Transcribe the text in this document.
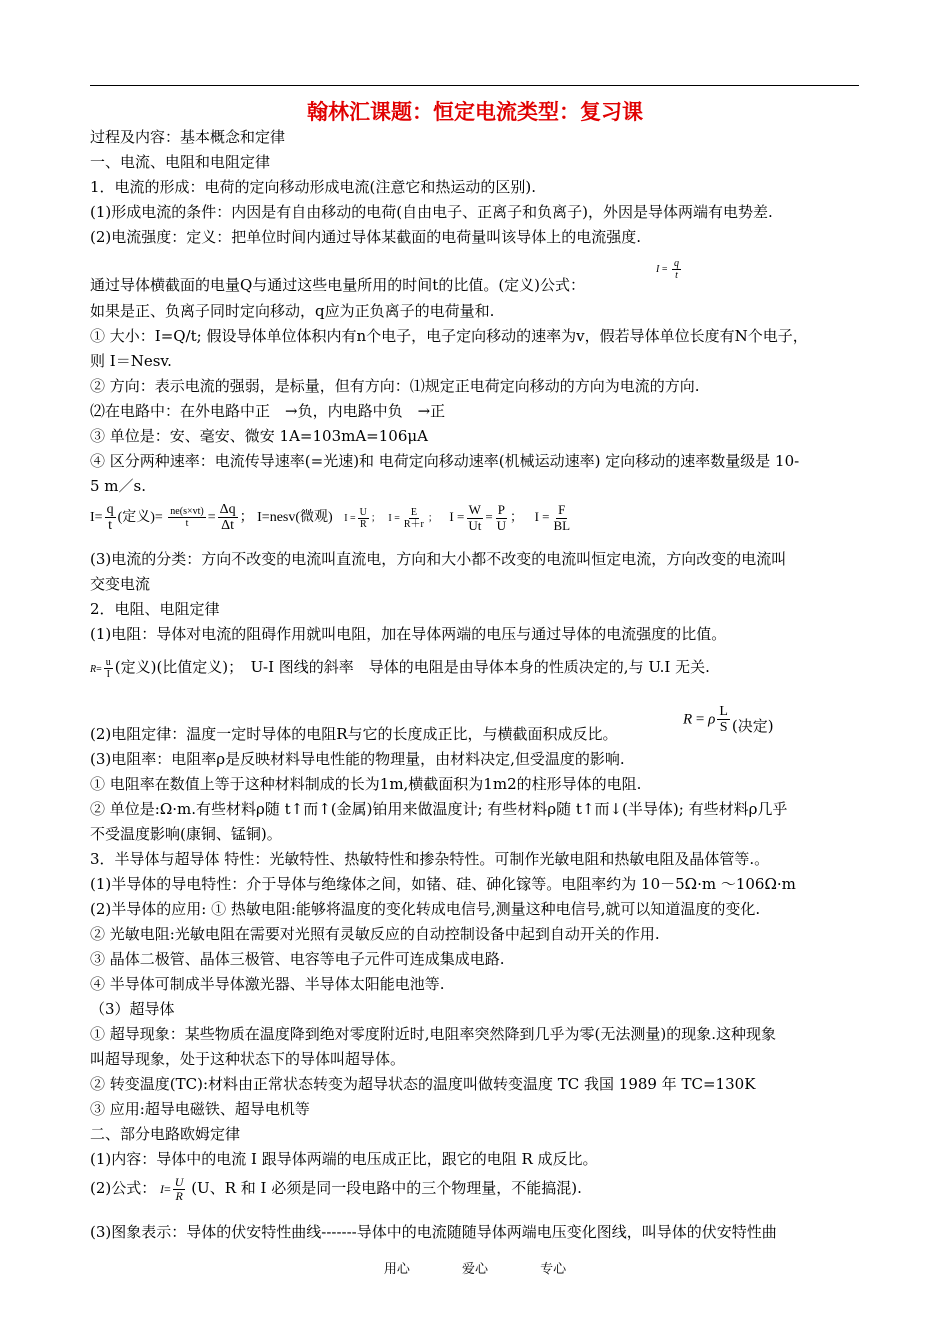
翰林汇课题：恒定电流类型：复习课
过程及内容：基本概念和定律
一、电流、电阻和电阻定律
1．电流的形成：电荷的定向移动形成电流(注意它和热运动的区别).
(1)形成电流的条件：内因是有自由移动的电荷(自由电子、正离子和负离子)，外因是导体两端有电势差.
(2)电流强度：定义：把单位时间内通过导体某截面的电荷量叫该导体上的电流强度.
通过导体横截面的电量Q与通过这些电量所用的时间t的比值。(定义)公式：
$I = \frac{q}{t}$
如果是正、负离子同时定向移动，q应为正负离子的电荷量和.
① 大小：I=Q/t; 假设导体单位体积内有n个电子，电子定向移动的速率为v，假若导体单位长度有N个电子，
则 I＝Nesv.
② 方向：表示电流的强弱，是标量，但有方向：⑴规定正电荷定向移动的方向为电流的方向.
⑵在电路中：在外电路中正　→负，内电路中负　→正
③ 单位是：安、毫安、微安 1A=103mA=106μA
④ 区分两种速率：电流传导速率(=光速)和 电荷定向移动速率(机械运动速率) 定向移动的速率数量级是 10-
5 m／s.
$I= \frac{q}{t}$ (定义)= $\frac{ne(s\times vt)}{t} = \frac{\Delta q}{\Delta t}$ ； I=nesv(微观) $I = \frac{U}{R}$ ； $I = \frac{E}{R+r}$ ； $I = \frac{W}{Ut} = \frac{P}{U}$ ； $I = \frac{F}{BL}$
(3)电流的分类：方向不改变的电流叫直流电，方向和大小都不改变的电流叫恒定电流，方向改变的电流叫
交变电流
2．电阻、电阻定律
(1)电阻：导体对电流的阻碍作用就叫电阻，加在导体两端的电压与通过导体的电流强度的比值。
$R= \frac{u}{I}$ (定义)(比值定义)；　U-I 图线的斜率　导体的电阻是由导体本身的性质决定的,与 U.I 无关.
(2)电阻定律：温度一定时导体的电阻R与它的长度成正比，与横截面积成反比。
R = ρ $\frac{L}{S}$ (决定)
(3)电阻率：电阻率ρ是反映材料导电性能的物理量，由材料决定,但受温度的影响.
① 电阻率在数值上等于这种材料制成的长为1m,横截面积为1m2的柱形导体的电阻.
② 单位是:Ω·m.有些材料ρ随 t↑而↑(金属)铂用来做温度计; 有些材料ρ随 t↑而↓(半导体); 有些材料ρ几乎
不受温度影响(康铜、锰铜)。
3．半导体与超导体 特性：光敏特性、热敏特性和掺杂特性。可制作光敏电阻和热敏电阻及晶体管等.。
(1)半导体的导电特性：介于导体与绝缘体之间，如锗、硅、砷化镓等。电阻率约为 10－5Ω·m ～106Ω·m
(2)半导体的应用: ① 热敏电阻:能够将温度的变化转成电信号,测量这种电信号,就可以知道温度的变化.
② 光敏电阻:光敏电阻在需要对光照有灵敏反应的自动控制设备中起到自动开关的作用.
③ 晶体二极管、晶体三极管、电容等电子元件可连成集成电路.
④ 半导体可制成半导体激光器、半导体太阳能电池等.
（3）超导体
① 超导现象：某些物质在温度降到绝对零度附近时,电阻率突然降到几乎为零(无法测量)的现象.这种现象
叫超导现象，处于这种状态下的导体叫超导体。
② 转变温度(TC):材料由正常状态转变为超导状态的温度叫做转变温度 TC 我国 1989 年 TC=130K
③ 应用:超导电磁铁、超导电机等
二、部分电路欧姆定律
(1)内容：导体中的电流 I 跟导体两端的电压成正比，跟它的电阻 R 成反比。
(2)公式： $I= \frac{U}{R} (U$、R 和 I 必须是同一段电路中的三个物理量，不能搞混).
(3)图象表示：导体的伏安特性曲线-------导体中的电流随随导体两端电压变化图线，叫导体的伏安特性曲
用心	爱心	专心
